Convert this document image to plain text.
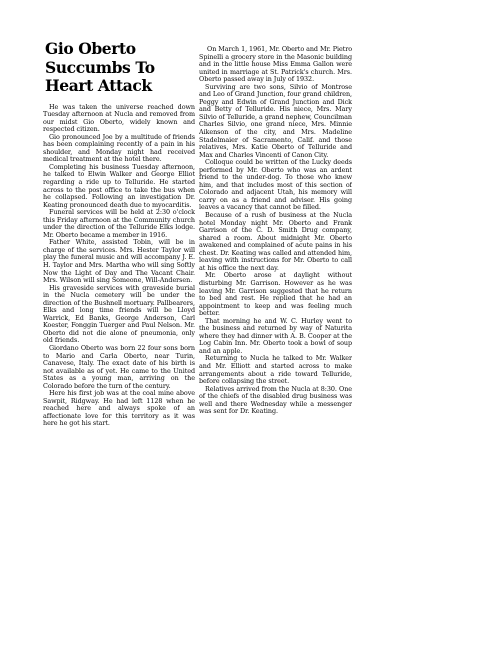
Gio Oberto Succumbs To Heart Attack

He was taken the universe reached down Tuesday afternoon at Nucla and removed from our midst Gio Oberto, widely known and respected citizen.

Gio pronounced Joe by a multitude of friends has been complaining recently of a pain in his shoulder, and Monday night had received medical treatment at the hotel there.

Completing his business Tuesday afternoon, he talked to Elwin Walker and George Elliot regarding a ride up to Telluride. He started across to the post office to take the bus when he collapsed. Following an investigation Dr. Keating pronounced death due to myocarditis.

Funeral services will be held at 2:30 o'clock this Friday afternoon at the Community church under the direction of the Telluride Elks lodge. Mr. Oberto became a member in 1916.

Father White, assisted Tobin, will be in charge of the services. Mrs. Hester Taylor will play the funeral music and will accompany J. E. H. Taylor and Mrs. Martha who will sing Softly Now the Light of Day and The Vacant Chair. Mrs. Wilson will sing Someone, Will-Andersen.

His graveside services with graveside burial in the Nucla cemetery will be under the direction of the Bushnell mortuary. Pallbearers, Elks and long time friends will be Lloyd Warrick, Ed Banks, George Anderson, Carl Koester, Fonggin Tuerger and Paul Nelson. Mr. Oberto did not die alone of pneumonia, only old friends.

Giordano Oberto was born 22 four sons born to Mario and Carla Oberto, near Turin, Canavese, Italy. The exact date of his birth is not available as of yet. He came to the United States as a young man, arriving on the Colorado before the turn of the century.

Here his first job was at the coal mine above Sawpit, Ridgway. He had left 1128 when he reached here and always spoke of an affectionate love for this territory as it was here he got his start.

On March 1, 1961, Mr. Oberto and Mr. Pietro Spinelli a grocery store in the Masonic building and in the little house Miss Emma Gallon were united in marriage at St. Patrick's church. Mrs. Oberto passed away in July of 1932.

Surviving are two sons, Silvio of Montrose and Leo of Grand Junction, four grand children, Peggy and Edwin of Grand Junction and Dick and Betty of Telluride. His niece, Mrs. Mary Silvio of Telluride, a grand nephew, Councilman Charles Silvio, one grand niece, Mrs. Minnie Aikenson of the city, and Mrs. Madeline Stadelmaier of Sacramento, Calif. and those relatives, Mrs. Katie Oberto of Telluride and Max and Charles Vincenti of Canon City.

Colloque could be written of the Lucky deeds performed by Mr. Oberto who was an ardent friend to the under-dog. To those who knew him, and that includes most of this section of Colorado and adjacent Utah, his memory will carry on as a friend and adviser. His going leaves a vacancy that cannot be filled.

Because of a rush of business at the Nucla hotel Monday night Mr. Oberto and Frank Garrison of the C. D. Smith Drug company, shared a room. About midnight Mr. Oberto awakened and complained of acute pains in his chest. Dr. Keating was called and attended him, leaving with instructions for Mr. Oberto to call at his office the next day.

Mr. Oberto arose at daylight without disturbing Mr. Garrison. However as he was leaving Mr. Garrison suggested that he return to bed and rest. He replied that he had an appointment to keep and was feeling much better.

That morning he and W. C. Hurley went to the business and returned by way of Naturita where they had dinner with A. B. Cooper at the Log Cabin Inn. Mr. Oberto took a bowl of soup and an apple.

Returning to Nucla he talked to Mr. Walker and Mr. Elliott and started across to make arrangements about a ride toward Telluride, before collapsing the street.

Relatives arrived from the Nucla at 8:30. One of the chiefs of the disabled drug business was well and there Wednesday while a messenger was sent for Dr. Keating.
